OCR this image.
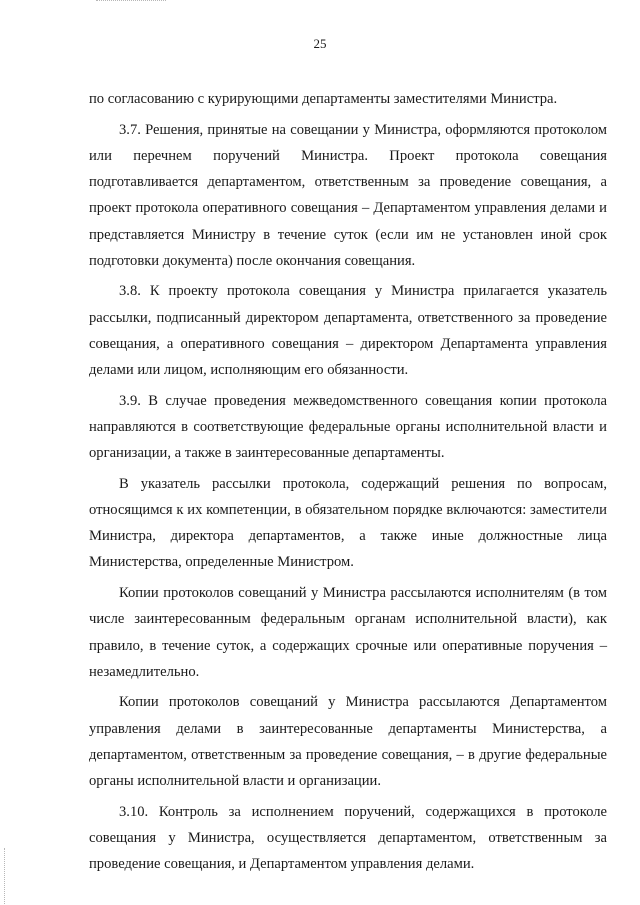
25

по согласованию с курирующими департаменты заместителями Министра.

3.7. Решения, принятые на совещании у Министра, оформляются протоколом или перечнем поручений Министра. Проект протокола совещания подготавливается департаментом, ответственным за проведение совещания, а проект протокола оперативного совещания – Департаментом управления делами и представляется Министру в течение суток (если им не установлен иной срок подготовки документа) после окончания совещания.

3.8. К проекту протокола совещания у Министра прилагается указатель рассылки, подписанный директором департамента, ответственного за проведение совещания, а оперативного совещания – директором Департамента управления делами или лицом, исполняющим его обязанности.

3.9. В случае проведения межведомственного совещания копии протокола направляются в соответствующие федеральные органы исполнительной власти и организации, а также в заинтересованные департаменты.

В указатель рассылки протокола, содержащий решения по вопросам, относящимся к их компетенции, в обязательном порядке включаются: заместители Министра, директора департаментов, а также иные должностные лица Министерства, определенные Министром.

Копии протоколов совещаний у Министра рассылаются исполнителям (в том числе заинтересованным федеральным органам исполнительной власти), как правило, в течение суток, а содержащих срочные или оперативные поручения – незамедлительно.

Копии протоколов совещаний у Министра рассылаются Департаментом управления делами в заинтересованные департаменты Министерства, а департаментом, ответственным за проведение совещания, – в другие федеральные органы исполнительной власти и организации.

3.10. Контроль за исполнением поручений, содержащихся в протоколе совещания у Министра, осуществляется департаментом, ответственным за проведение совещания, и Департаментом управления делами.
